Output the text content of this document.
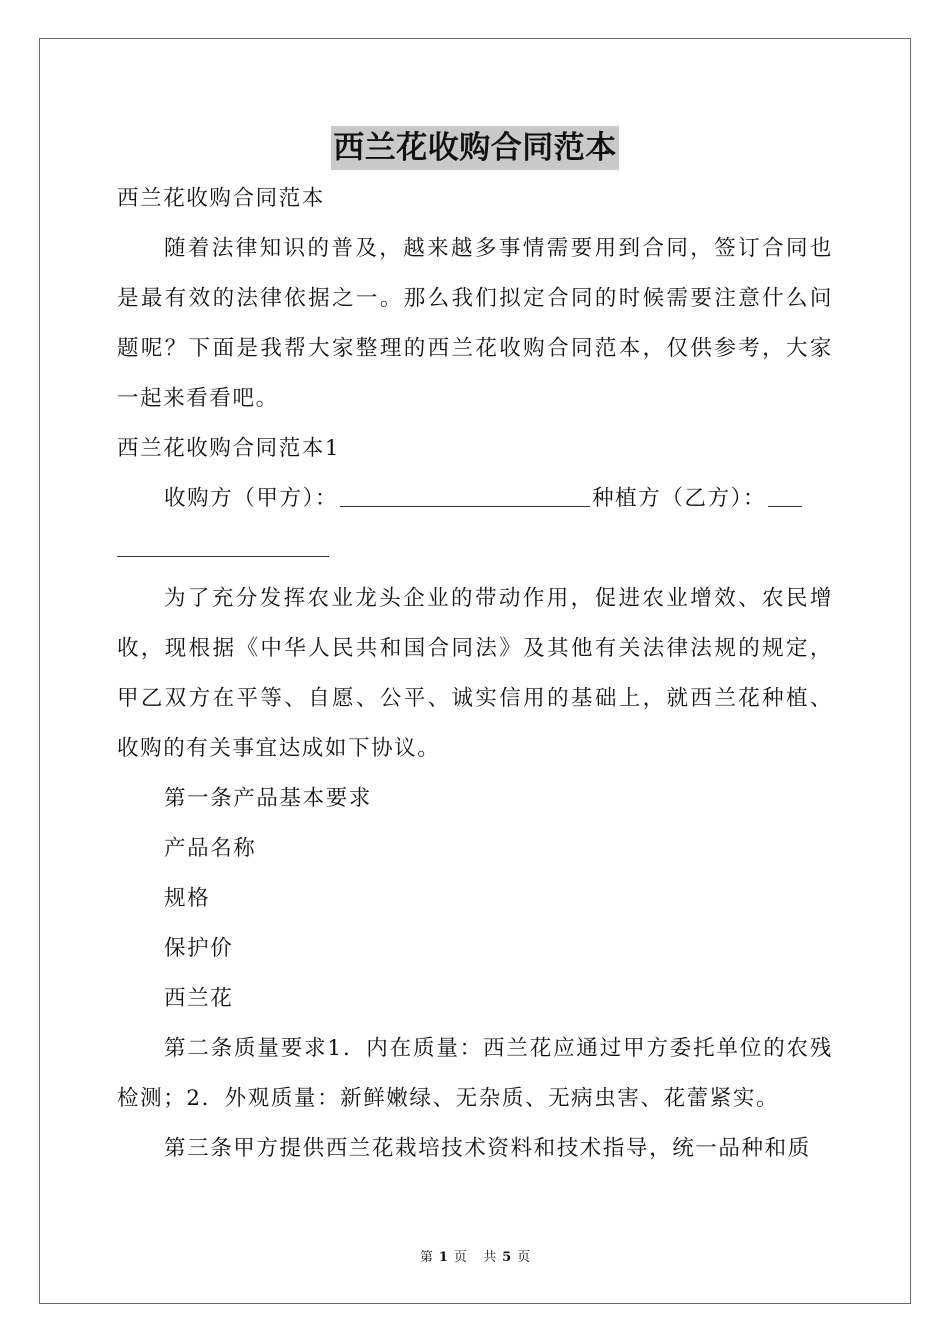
西兰花收购合同范本

西兰花收购合同范本

随着法律知识的普及，越来越多事情需要用到合同，签订合同也是最有效的法律依据之一。那么我们拟定合同的时候需要注意什么问题呢？下面是我帮大家整理的西兰花收购合同范本，仅供参考，大家一起来看看吧。

西兰花收购合同范本1

收购方（甲方）：	种植方（乙方）：

为了充分发挥农业龙头企业的带动作用，促进农业增效、农民增收，现根据《中华人民共和国合同法》及其他有关法律法规的规定，甲乙双方在平等、自愿、公平、诚实信用的基础上，就西兰花种植、收购的有关事宜达成如下协议。

第一条产品基本要求

产品名称

规格

保护价

西兰花

第二条质量要求1．内在质量：西兰花应通过甲方委托单位的农残检测；2．外观质量：新鲜嫩绿、无杂质、无病虫害、花蕾紧实。

第三条甲方提供西兰花栽培技术资料和技术指导，统一品种和质

第 1 页 共 5 页
